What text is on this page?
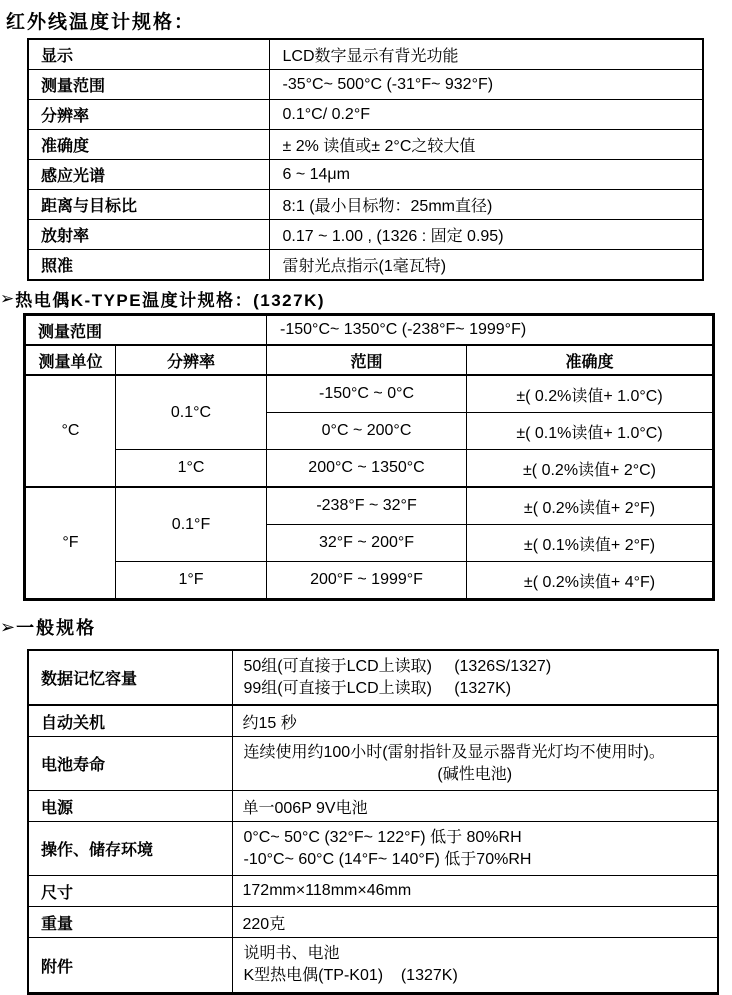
红外线温度计规格：
显示	LCD数字显示有背光功能
测量范围	-35°C~ 500°C (-31°F~ 932°F)
分辨率	0.1°C/ 0.2°F
准确度	± 2% 读值或± 2°C之较大值
感应光谱	6 ~ 14μm
距离与目标比	8:1 (最小目标物：25mm直径)
放射率	0.17 ~ 1.00 , (1326 : 固定 0.95)
照准	雷射光点指示(1毫瓦特)
➢ 热电偶K-TYPE温度计规格：(1327K)
测量范围		-150°C~ 1350°C (-238°F~ 1999°F)	
测量单位	分辨率	范围	准确度
°C	0.1°C	-150°C ~ 0°C	±( 0.2%读值+ 1.0°C)
		0°C ~ 200°C	±( 0.1%读值+ 1.0°C)
	1°C	200°C ~ 1350°C	±( 0.2%读值+ 2°C)
°F	0.1°F	-238°F ~ 32°F	±( 0.2%读值+ 2°F)
		32°F ~ 200°F	±( 0.1%读值+ 2°F)
	1°F	200°F ~ 1999°F	±( 0.2%读值+ 4°F)
➢ 一般规格
数据记忆容量	50组(可直接于LCD上读取)     (1326S/1327)
99组(可直接于LCD上读取)     (1327K)

自动关机	约15 秒
电池寿命	连续使用约100小时(雷射指针及显示器背光灯均不使用时)。
(碱性电池)

电源	单一006P 9V电池
操作、储存环境	0°C~ 50°C (32°F~ 122°F) 低于 80%RH
-10°C~ 60°C (14°F~ 140°F) 低于70%RH

尺寸	172mm×118mm×46mm
重量	220克
附件	说明书、电池
K型热电偶(TP-K01)    (1327K)
